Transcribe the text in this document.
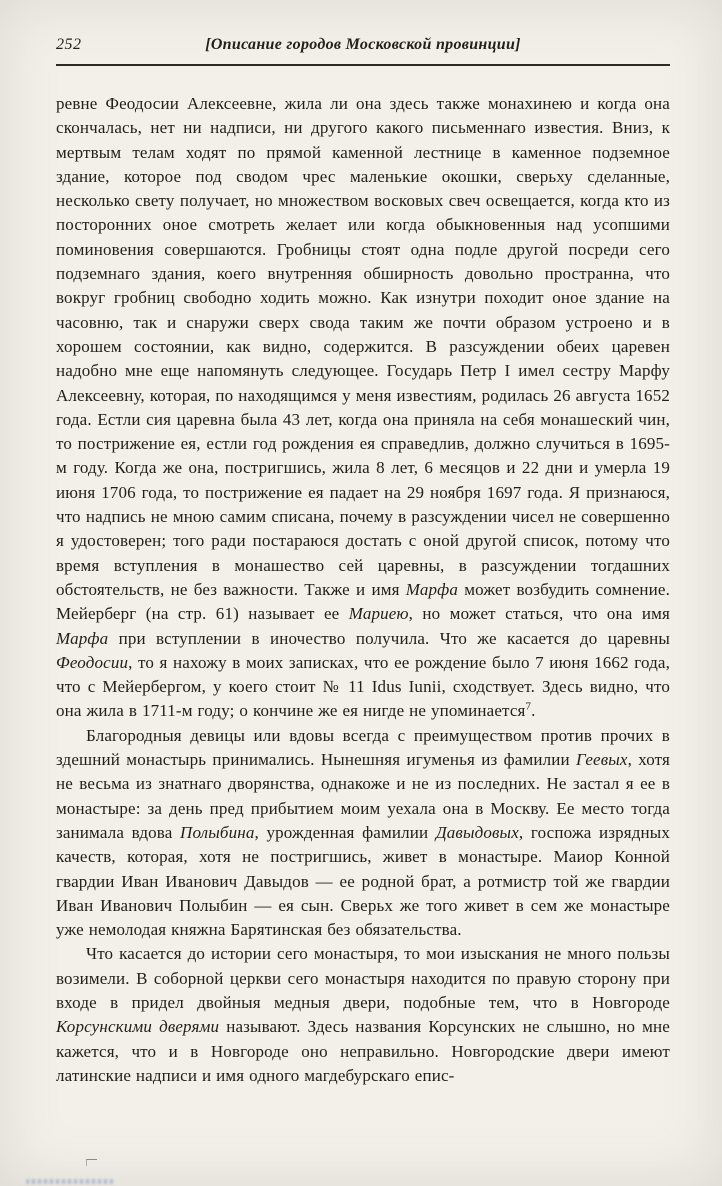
252	[Описание городов Московской провинции]

ревне Феодосии Алексеевне, жила ли она здесь также монахинею и когда она скончалась, нет ни надписи, ни другого какого письменнаго известия. Вниз, к мертвым телам ходят по прямой каменной лестнице в каменное подземное здание, которое под сводом чрес маленькие окошки, сверьху сделанные, несколько свету получает, но множеством восковых свеч освещается, когда кто из посторонних оное смотреть желает или когда обыкновенныя над усопшими поминовения совершаются. Гробницы стоят одна подле другой посреди сего подземнаго здания, коего внутренняя обширность довольно пространна, что вокруг гробниц свободно ходить можно. Как изнутри походит оное здание на часовню, так и снаружи сверх свода таким же почти образом устроено и в хорошем состоянии, как видно, содержится. В разсуждении обеих царевен надобно мне еще напомянуть следующее. Государь Петр I имел сестру Марфу Алексеевну, которая, по находящимся у меня известиям, родилась 26 августа 1652 года. Естли сия царевна была 43 лет, когда она приняла на себя монашеский чин, то пострижение ея, естли год рождения ея справедлив, должно случиться в 1695-м году. Когда же она, постригшись, жила 8 лет, 6 месяцов и 22 дни и умерла 19 июня 1706 года, то пострижение ея падает на 29 ноября 1697 года. Я признаюся, что надпись не мною самим списана, почему в разсуждении чисел не совершенно я удостоверен; того ради постараюся достать с оной другой список, потому что время вступления в монашество сей царевны, в разсуждении тогдашних обстоятельств, не без важности. Также и имя Марфа может возбудить сомнение. Мейерберг (на стр. 61) называет ее Мариею, но может статься, что она имя Марфа при вступлении в иночество получила. Что же касается до царевны Феодосии, то я нахожу в моих записках, что ее рождение было 7 июня 1662 года, что с Мейербергом, у коего стоит № 11 Idus Iunii, сходствует. Здесь видно, что она жила в 1711-м году; о кончине же ея нигде не упоминается$^7$.

Благородныя девицы или вдовы всегда с преимуществом против прочих в здешний монастырь принимались. Нынешняя игуменья из фамилии Геевых, хотя не весьма из знатнаго дворянства, однакоже и не из последних. Не застал я ее в монастыре: за день пред прибытием моим уехала она в Москву. Ее место тогда занимала вдова Полыбина, урожденная фамилии Давыдовых, госпожа изрядных качеств, которая, хотя не постригшись, живет в монастыре. Маиор Конной гвардии Иван Иванович Давыдов — ее родной брат, а ротмистр той же гвардии Иван Иванович Полыбин — ея сын. Сверьх же того живет в сем же монастыре уже немолодая княжна Барятинская без обязательства.

Что касается до истории сего монастыря, то мои изыскания не много пользы возимели. В соборной церкви сего монастыря находится по правую сторону при входе в придел двойныя медныя двери, подобные тем, что в Новгороде Корсунскими дверями называют. Здесь названия Корсунских не слышно, но мне кажется, что и в Новгороде оно неправильно. Новгородские двери имеют латинские надписи и имя одного магдебурскаго епис-
